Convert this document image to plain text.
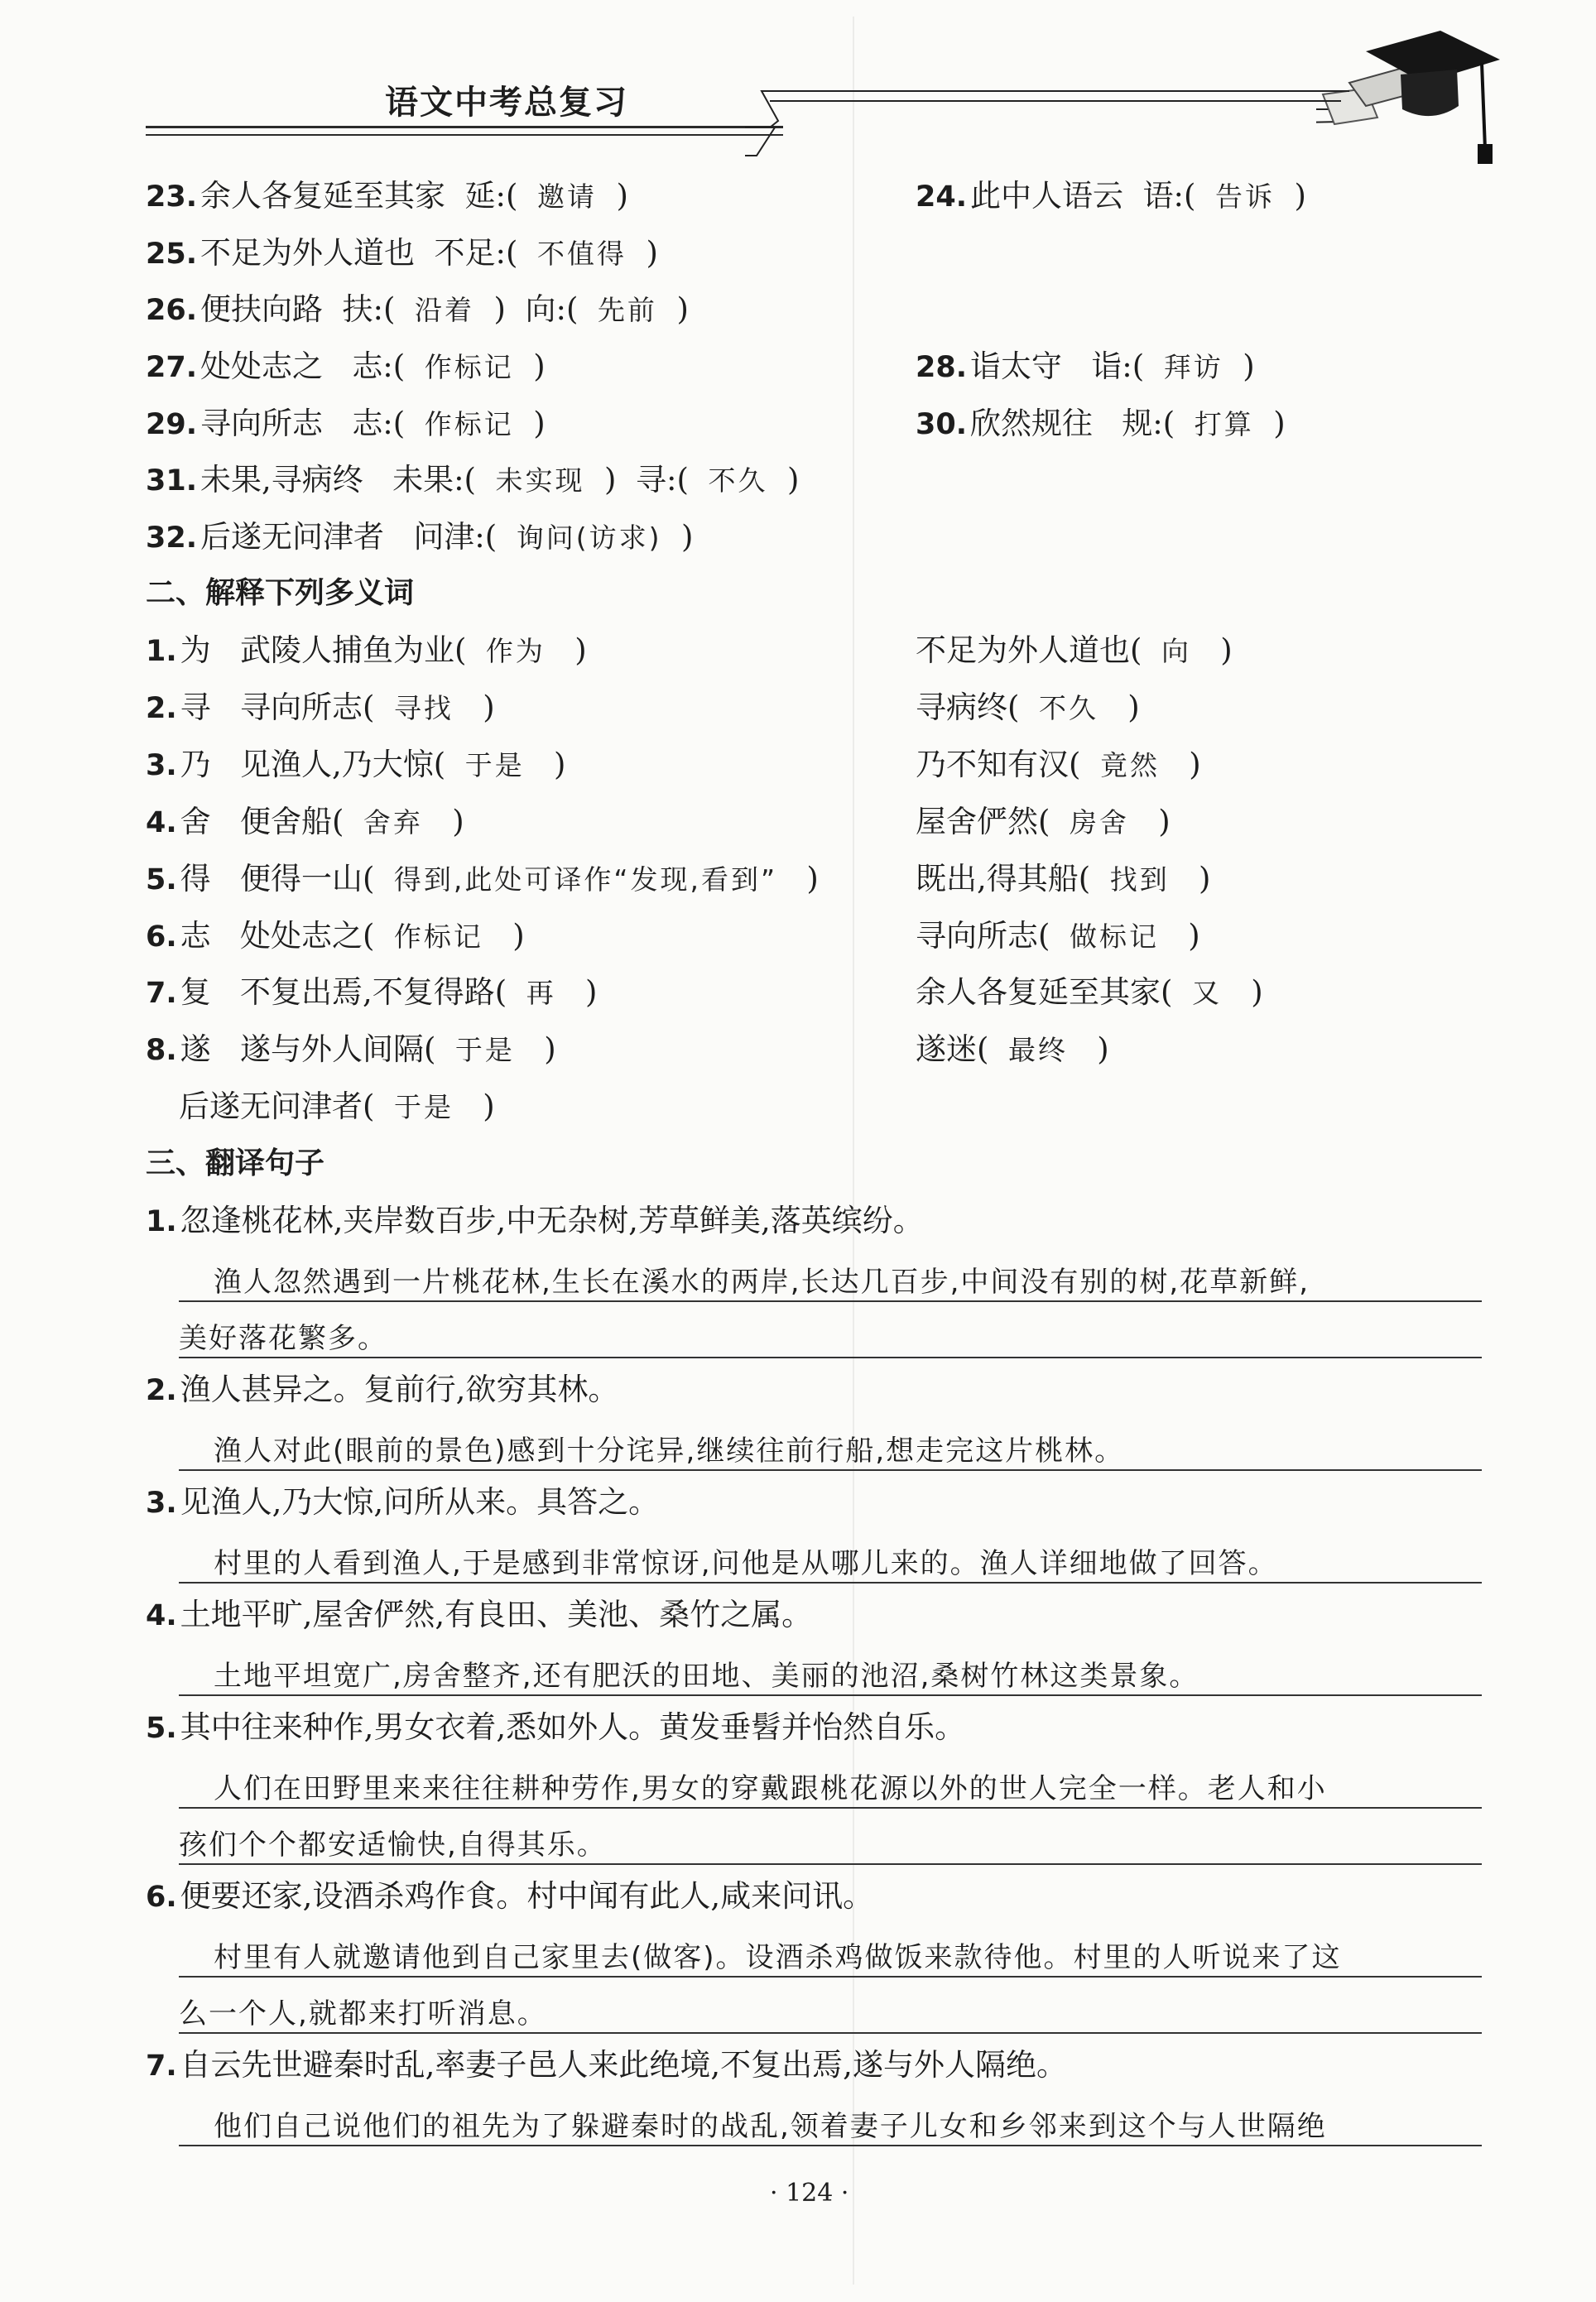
语文中考总复习
23. 余人各复延至其家 延:( 邀请 )	24. 此中人语云 语:( 告诉 )
25. 不足为外人道也 不足:( 不值得 )
26. 便扶向路 扶:( 沿着 ) 向:( 先前 )
27. 处处志之 志:( 作标记 )	28. 诣太守 诣:( 拜访 )
29. 寻向所志 志:( 作标记 )	30. 欣然规往 规:( 打算 )
31. 未果,寻病终 未果:( 未实现 ) 寻:( 不久 )
32. 后遂无问津者 问津:( 询问(访求) )
二、解释下列多义词
1. 为 武陵人捕鱼为业( 作为 )	不足为外人道也( 向 )
2. 寻 寻向所志( 寻找 )	寻病终( 不久 )
3. 乃 见渔人,乃大惊( 于是 )	乃不知有汉( 竟然 )
4. 舍 便舍船( 舍弃 )	屋舍俨然( 房舍 )
5. 得 便得一山( 得到,此处可译作“发现,看到” )	既出,得其船( 找到 )
6. 志 处处志之( 作标记 )	寻向所志( 做标记 )
7. 复 不复出焉,不复得路( 再 )	余人各复延至其家( 又 )
8. 遂 遂与外人间隔( 于是 )	遂迷( 最终 )
后遂无问津者( 于是 )
三、翻译句子
1. 忽逢桃花林,夹岸数百步,中无杂树,芳草鲜美,落英缤纷。
渔人忽然遇到一片桃花林,生长在溪水的两岸,长达几百步,中间没有别的树,花草新鲜,
美好落花繁多。
2. 渔人甚异之。复前行,欲穷其林。
渔人对此(眼前的景色)感到十分诧异,继续往前行船,想走完这片桃林。
3. 见渔人,乃大惊,问所从来。具答之。
村里的人看到渔人,于是感到非常惊讶,问他是从哪儿来的。渔人详细地做了回答。
4. 土地平旷,屋舍俨然,有良田、美池、桑竹之属。
土地平坦宽广,房舍整齐,还有肥沃的田地、美丽的池沼,桑树竹林这类景象。
5. 其中往来种作,男女衣着,悉如外人。黄发垂髫并怡然自乐。
人们在田野里来来往往耕种劳作,男女的穿戴跟桃花源以外的世人完全一样。老人和小
孩们个个都安适愉快,自得其乐。
6. 便要还家,设酒杀鸡作食。村中闻有此人,咸来问讯。
村里有人就邀请他到自己家里去(做客)。设酒杀鸡做饭来款待他。村里的人听说来了这
么一个人,就都来打听消息。
7. 自云先世避秦时乱,率妻子邑人来此绝境,不复出焉,遂与外人隔绝。
他们自己说他们的祖先为了躲避秦时的战乱,领着妻子儿女和乡邻来到这个与人世隔绝
· 124 ·
